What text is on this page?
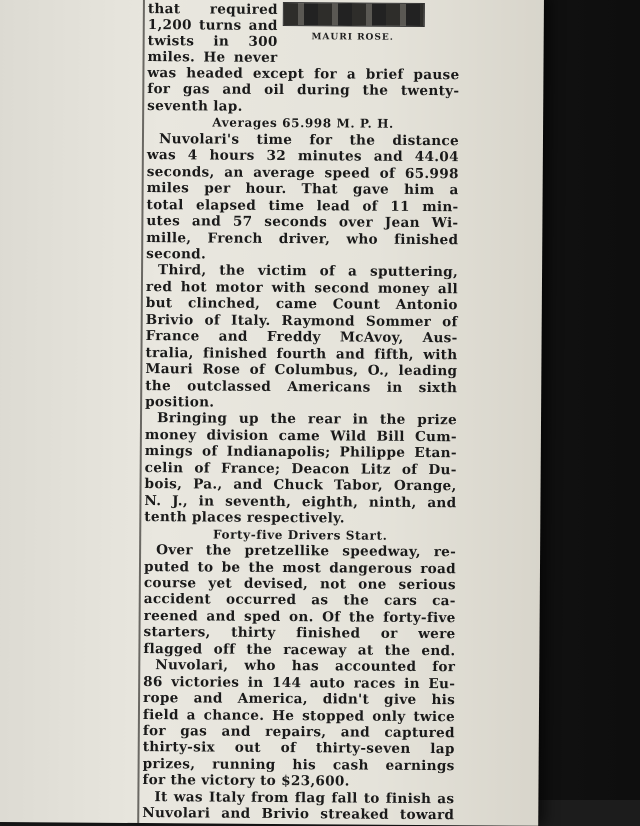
MAURI ROSE.
that required
1,200 turns and
twists in 300
miles. He never
was headed except for a brief pause
for gas and oil during the twenty-
seventh lap.
Averages 65.998 M. P. H.
Nuvolari's time for the distance
was 4 hours 32 minutes and 44.04
seconds, an average speed of 65.998
miles per hour. That gave him a
total elapsed time lead of 11 min-
utes and 57 seconds over Jean Wi-
mille, French driver, who finished
second.
Third, the victim of a sputtering,
red hot motor with second money all
but clinched, came Count Antonio
Brivio of Italy. Raymond Sommer of
France and Freddy McAvoy, Aus-
tralia, finished fourth and fifth, with
Mauri Rose of Columbus, O., leading
the outclassed Americans in sixth
position.
Bringing up the rear in the prize
money division came Wild Bill Cum-
mings of Indianapolis; Philippe Etan-
celin of France; Deacon Litz of Du-
bois, Pa., and Chuck Tabor, Orange,
N. J., in seventh, eighth, ninth, and
tenth places respectively.
Forty-five Drivers Start.
Over the pretzellike speedway, re-
puted to be the most dangerous road
course yet devised, not one serious
accident occurred as the cars ca-
reened and sped on. Of the forty-five
starters, thirty finished or were
flagged off the raceway at the end.
Nuvolari, who has accounted for
86 victories in 144 auto races in Eu-
rope and America, didn't give his
field a chance. He stopped only twice
for gas and repairs, and captured
thirty-six out of thirty-seven lap
prizes, running his cash earnings
for the victory to $23,600.
It was Italy from flag fall to finish as
Nuvolari and Brivio streaked toward
